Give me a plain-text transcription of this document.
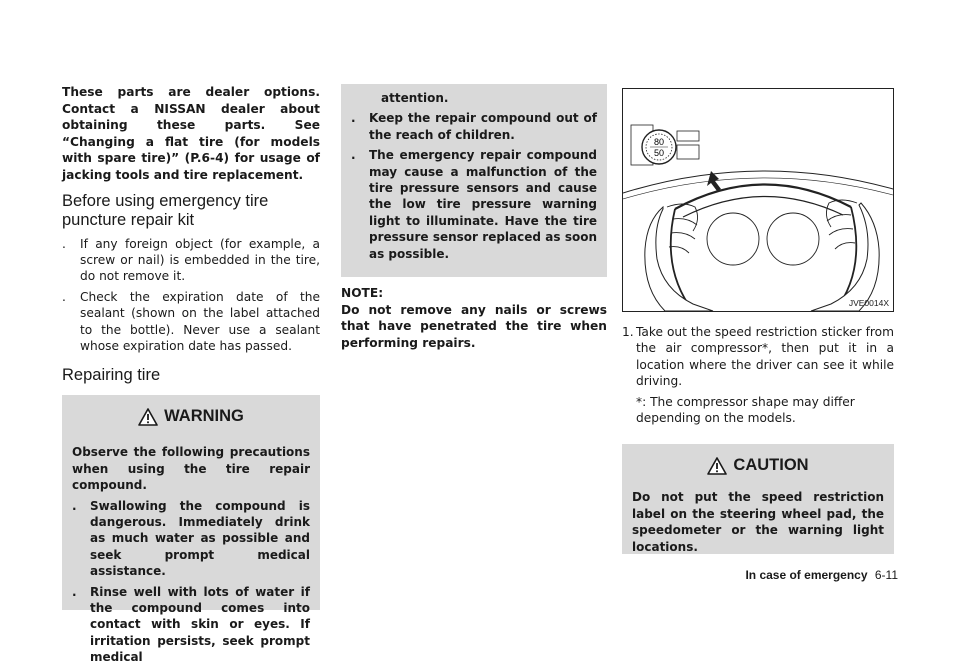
These parts are dealer options. Contact a NISSAN dealer about obtaining these parts. See “Changing a flat tire (for models with spare tire)” (P.6-4) for usage of jacking tools and tire replacement.

Before using emergency tire puncture repair kit
. If any foreign object (for example, a screw or nail) is embedded in the tire, do not remove it.
. Check the expiration date of the sealant (shown on the label attached to the bottle). Never use a sealant whose expiration date has passed.
Repairing tire
WARNING

Observe the following precautions when using the tire repair compound.

. Swallowing the compound is dangerous. Immediately drink as much water as possible and seek prompt medical assistance.
. Rinse well with lots of water if the compound comes into contact with skin or eyes. If irritation persists, seek prompt medical

attention.

. Keep the repair compound out of the reach of children.
. The emergency repair compound may cause a malfunction of the tire pressure sensors and cause the low tire pressure warning light to illuminate. Have the tire pressure sensor replaced as soon as possible.

NOTE:

Do not remove any nails or screws that have penetrated the tire when performing repairs.

80
50
JVE0014X
1. Take out the speed restriction sticker from the air compressor*, then put it in a location where the driver can see it while driving.

*: The compressor shape may differ depending on the models.

CAUTION

Do not put the speed restriction label on the steering wheel pad, the speedometer or the warning light locations.

In case of emergency 6-11
